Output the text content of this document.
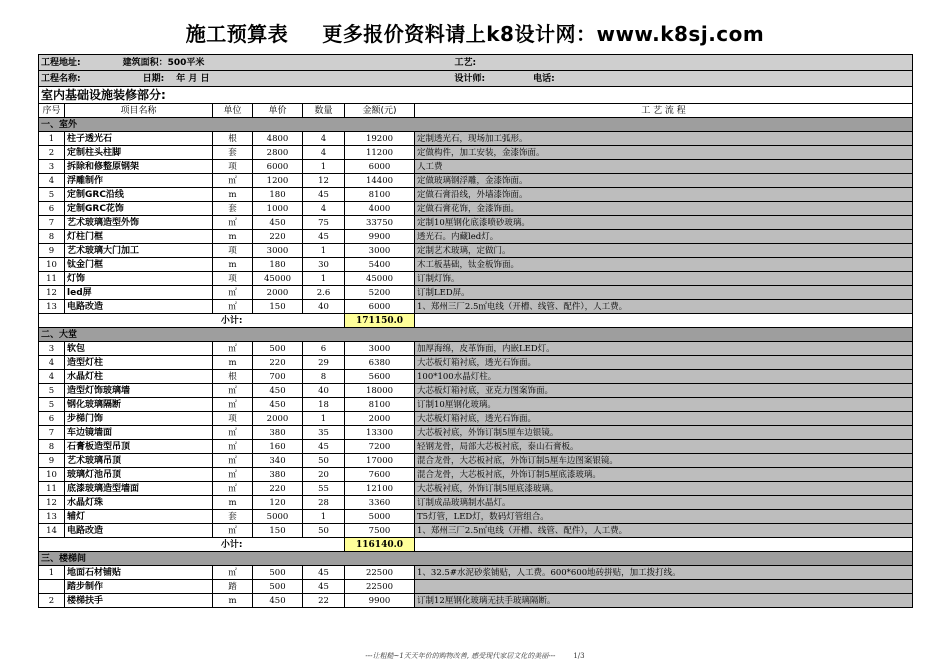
施工预算表 更多报价资料请上k8设计网：www.k8sj.com
工程地址: 建筑面积：500平米						工艺:
工程名称: 日期: 年 月 日						设计师: 电话:
室内基础设施装修部分:						
序号	项目名称	单位	单价	数量	金额(元)	工 艺 流 程
一、室外						
1	柱子透光石	根	4800	4	19200	定制透光石，现场加工弧形。
2	定制柱头柱脚	套	2800	4	11200	定做构件，加工安装，金漆饰面。
3	拆除和修整原钢架	项	6000	1	6000	人工费
4	浮雕制作	㎡	1200	12	14400	定做玻璃钢浮雕，金漆饰面。
5	定制GRC沿线	m	180	45	8100	定做石膏沿线，外墙漆饰面。
6	定制GRC花饰	套	1000	4	4000	定做石膏花饰，金漆饰面。
7	艺术玻璃造型外饰	㎡	450	75	33750	定制10厘钢化底漆喷砂玻璃。
8	灯柱门框	m	220	45	9900	透光石。内藏led灯。
9	艺术玻璃大门加工	项	3000	1	3000	定制艺术玻璃，定做门。
10	钛金门框	m	180	30	5400	木工板基础，钛金板饰面。
11	灯饰	项	45000	1	45000	订制灯饰。
12	led屏	㎡	2000	2.6	5200	订制LED屏。
13	电路改造	㎡	150	40	6000	1、郑州三厂2.5㎡电线（开槽、线管、配件），人工费。
小计:					171150.0	
二、大堂						
3	软包	㎡	500	6	3000	加厚海绵，皮革饰面，内嵌LED灯。
4	造型灯柱	m	220	29	6380	大芯板灯箱衬底，透光石饰面。
4	水晶灯柱	根	700	8	5600	100*100水晶灯柱。
5	造型灯饰玻璃墙	㎡	450	40	18000	大芯板灯箱衬底，亚克力图案饰面。
5	钢化玻璃隔断	㎡	450	18	8100	订制10厘钢化玻璃。
6	步梯门饰	项	2000	1	2000	大芯板灯箱衬底，透光石饰面。
7	车边镜墙面	㎡	380	35	13300	大芯板衬底，外饰订制5厘车边银镜。
8	石膏板造型吊顶	㎡	160	45	7200	轻钢龙骨，局部大芯板衬底，泰山石膏板。
9	艺术玻璃吊顶	㎡	340	50	17000	混合龙骨，大芯板衬底，外饰订制5厘车边图案银镜。
10	玻璃灯池吊顶	㎡	380	20	7600	混合龙骨，大芯板衬底，外饰订制5厘底漆玻璃。
11	底漆玻璃造型墙面	㎡	220	55	12100	大芯板衬底，外饰订制5厘底漆玻璃。
12	水晶灯珠	m	120	28	3360	订制成品玻璃制水晶灯。
13	辅灯	套	5000	1	5000	T5灯管，LED灯，数码灯管组合。
14	电路改造	㎡	150	50	7500	1、郑州三厂2.5㎡电线（开槽、线管、配件），人工费。
小计:					116140.0	
三、楼梯间						
1	地面石材铺贴	㎡	500	45	22500	1、32.5#水泥砂浆铺贴，人工费。600*600地砖拼贴，加工拨打线。
	踏步制作	踏	500	45	22500	
2	楼梯扶手	m	450	22	9900	订制12厘钢化玻璃无扶手玻璃隔断。
---让粗糙~1天天年价的购物改善, 感受现代家居文化的美丽---	1/3
